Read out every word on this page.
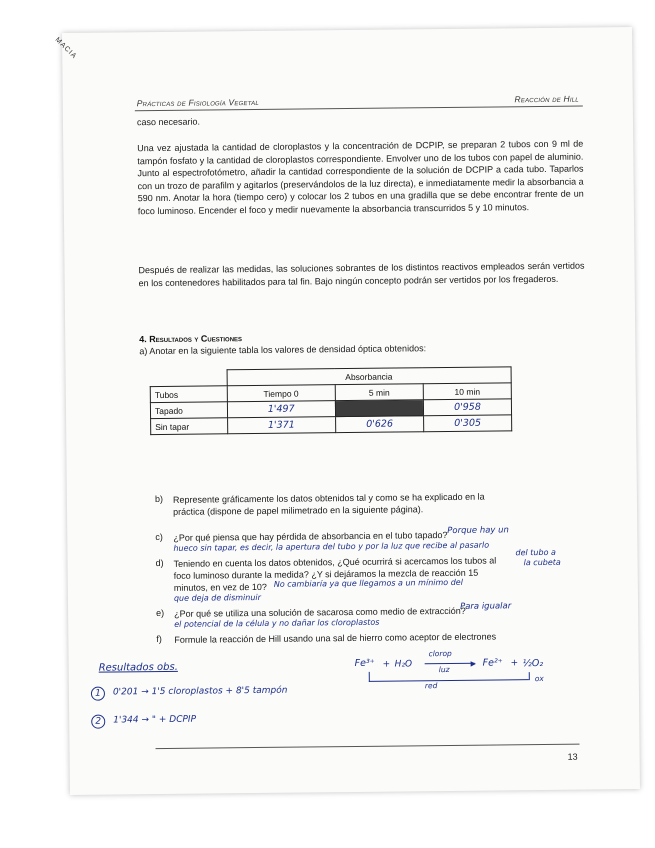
MACIA
Prácticas de Fisiología Vegetal	Reacción de Hill
caso necesario.
Una vez ajustada la cantidad de cloroplastos y la concentración de DCPIP, se preparan 2 tubos con 9 ml de tampón fosfato y la cantidad de cloroplastos correspondiente. Envolver uno de los tubos con papel de aluminio. Junto al espectrofotómetro, añadir la cantidad correspondiente de la solución de DCPIP a cada tubo. Taparlos con un trozo de parafilm y agitarlos (preservándolos de la luz directa), e inmediatamente medir la absorbancia a 590 nm. Anotar la hora (tiempo cero) y colocar los 2 tubos en una gradilla que se debe encontrar frente de un foco luminoso. Encender el foco y medir nuevamente la absorbancia transcurridos 5 y 10 minutos.
Después de realizar las medidas, las soluciones sobrantes de los distintos reactivos empleados serán vertidos en los contenedores habilitados para tal fin. Bajo ningún concepto podrán ser vertidos por los fregaderos.
4. Resultados y Cuestiones
a) Anotar en la siguiente tabla los valores de densidad óptica obtenidos:
	Absorbancia		
Tubos	Tiempo 0	5 min	10 min
Tapado	1'497		0'958
Sin tapar	1'371	0'626	0'305
b) Represente gráficamente los datos obtenidos tal y como se ha explicado en la
práctica (dispone de papel milimetrado en la siguiente página).
c) ¿Por qué piensa que hay pérdida de absorbancia en el tubo tapado? Porque hay un
hueco sin tapar, es decir, la apertura del tubo y por la luz que recibe al pasarlo
d) Teniendo en cuenta los datos obtenidos, ¿Qué ocurrirá si acercamos los tubos al
del tubo a
la cubeta
foco luminoso durante la medida? ¿Y si dejáramos la mezcla de reacción 15
minutos, en vez de 10? No cambiaría ya que llegamos a un mínimo del
que deja de disminuir
e) ¿Por qué se utiliza una solución de sacarosa como medio de extracción?
Para igualar
el potencial de la célula y no dañar los cloroplastos
f) Formule la reacción de Hill usando una sal de hierro como aceptor de electrones
Resultados obs.
1	0'201 → 1'5 cloroplastos + 8'5 tampón
2	1'344 → " + DCPIP
Fe³⁺ + H₂O
clorop
▶
luz
Fe²⁺ + ½O₂
red
ox
13
